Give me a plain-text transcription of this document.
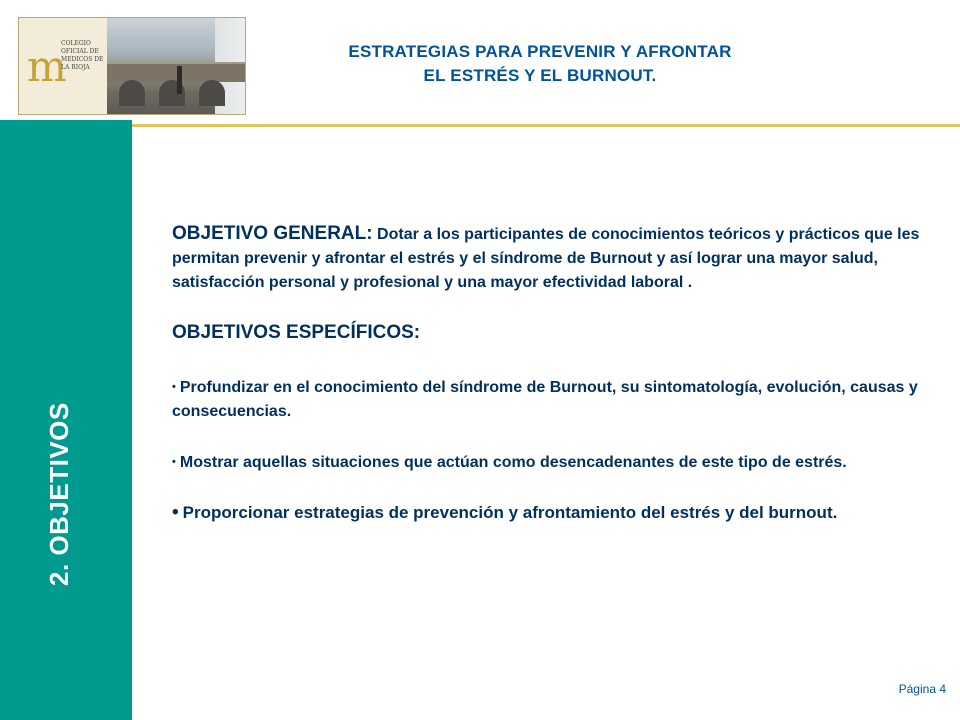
m
COLEGIO OFICIAL DE MEDICOS DE LA RIOJA
ESTRATEGIAS PARA PREVENIR Y AFRONTAR
EL ESTRÉS Y EL BURNOUT.
2. OBJETIVOS

OBJETIVO GENERAL: Dotar a los participantes de conocimientos teóricos y prácticos que les permitan prevenir y afrontar el estrés y el síndrome de Burnout y así lograr una mayor salud, satisfacción personal y profesional y una mayor efectividad laboral .

OBJETIVOS ESPECÍFICOS:

• Profundizar en el conocimiento del síndrome de Burnout, su sintomatología, evolución, causas y consecuencias.

• Mostrar aquellas situaciones que actúan como desencadenantes de este tipo de estrés.

• Proporcionar estrategias de prevención y afrontamiento del estrés y del burnout.

Página 4
